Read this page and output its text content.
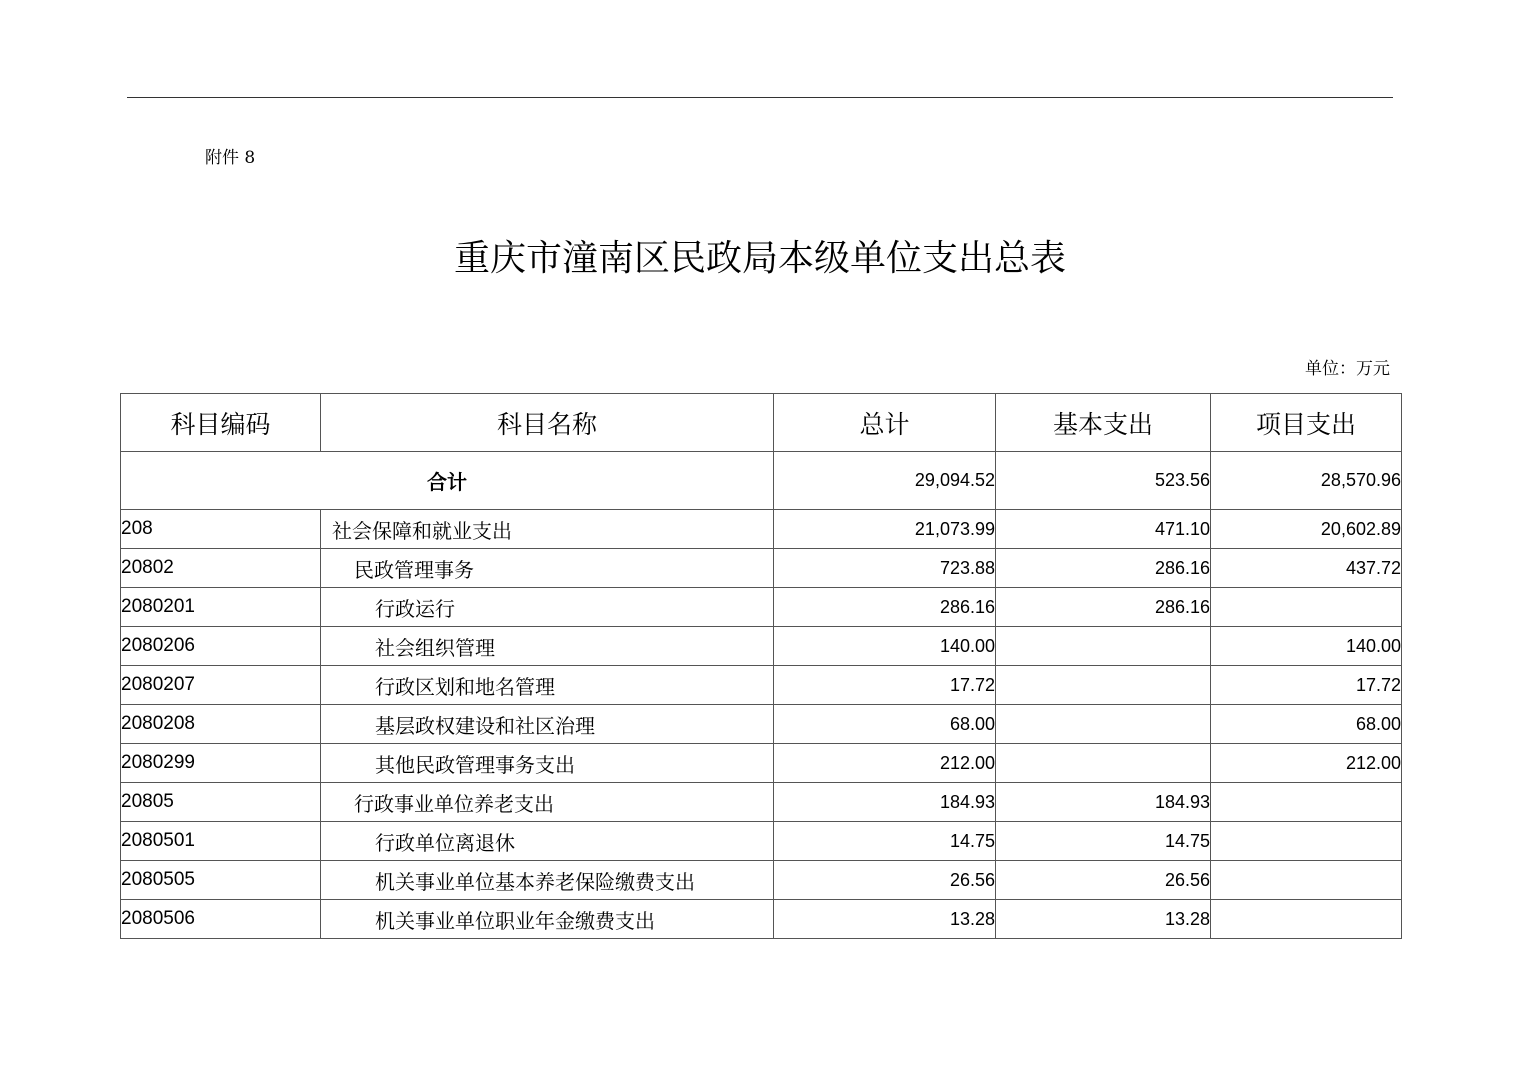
附件 8
重庆市潼南区民政局本级单位支出总表
单位：万元
科目编码	科目名称	总计	基本支出	项目支出
合计		29,094.52	523.56	28,570.96
208	社会保障和就业支出	21,073.99	471.10	20,602.89
20802	民政管理事务	723.88	286.16	437.72
2080201	行政运行	286.16	286.16	
2080206	社会组织管理	140.00		140.00
2080207	行政区划和地名管理	17.72		17.72
2080208	基层政权建设和社区治理	68.00		68.00
2080299	其他民政管理事务支出	212.00		212.00
20805	行政事业单位养老支出	184.93	184.93	
2080501	行政单位离退休	14.75	14.75	
2080505	机关事业单位基本养老保险缴费支出	26.56	26.56	
2080506	机关事业单位职业年金缴费支出	13.28	13.28	
